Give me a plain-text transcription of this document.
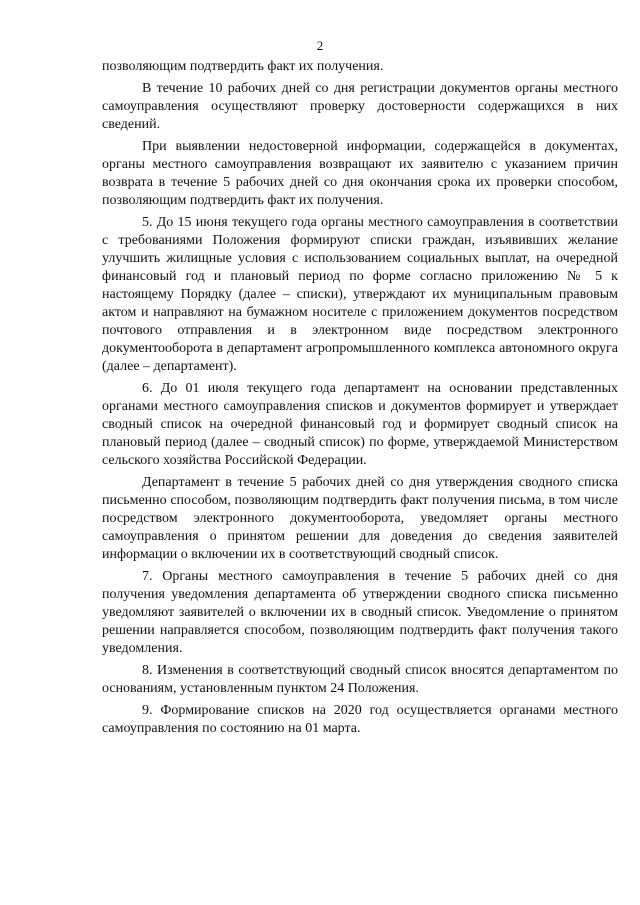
2

позволяющим подтвердить факт их получения.

В течение 10 рабочих дней со дня регистрации документов органы местного самоуправления осуществляют проверку достоверности содержащихся в них сведений.

При выявлении недостоверной информации, содержащейся в документах, органы местного самоуправления возвращают их заявителю с указанием причин возврата в течение 5 рабочих дней со дня окончания срока их проверки способом, позволяющим подтвердить факт их получения.

5. До 15 июня текущего года органы местного самоуправления в соответствии с требованиями Положения формируют списки граждан, изъявивших желание улучшить жилищные условия с использованием социальных выплат, на очередной финансовый год и плановый период по форме согласно приложению № 5 к настоящему Порядку (далее – списки), утверждают их муниципальным правовым актом и направляют на бумажном носителе с приложением документов посредством почтового отправления и в электронном виде посредством электронного документооборота в департамент агропромышленного комплекса автономного округа (далее – департамент).

6. До 01 июля текущего года департамент на основании представленных органами местного самоуправления списков и документов формирует и утверждает сводный список на очередной финансовый год и формирует сводный список на плановый период (далее – сводный список) по форме, утверждаемой Министерством сельского хозяйства Российской Федерации.

Департамент в течение 5 рабочих дней со дня утверждения сводного списка письменно способом, позволяющим подтвердить факт получения письма, в том числе посредством электронного документооборота, уведомляет органы местного самоуправления о принятом решении для доведения до сведения заявителей информации о включении их в соответствующий сводный список.

7. Органы местного самоуправления в течение 5 рабочих дней со дня получения уведомления департамента об утверждении сводного списка письменно уведомляют заявителей о включении их в сводный список. Уведомление о принятом решении направляется способом, позволяющим подтвердить факт получения такого уведомления.

8. Изменения в соответствующий сводный список вносятся департаментом по основаниям, установленным пунктом 24 Положения.

9. Формирование списков на 2020 год осуществляется органами местного самоуправления по состоянию на 01 марта.
